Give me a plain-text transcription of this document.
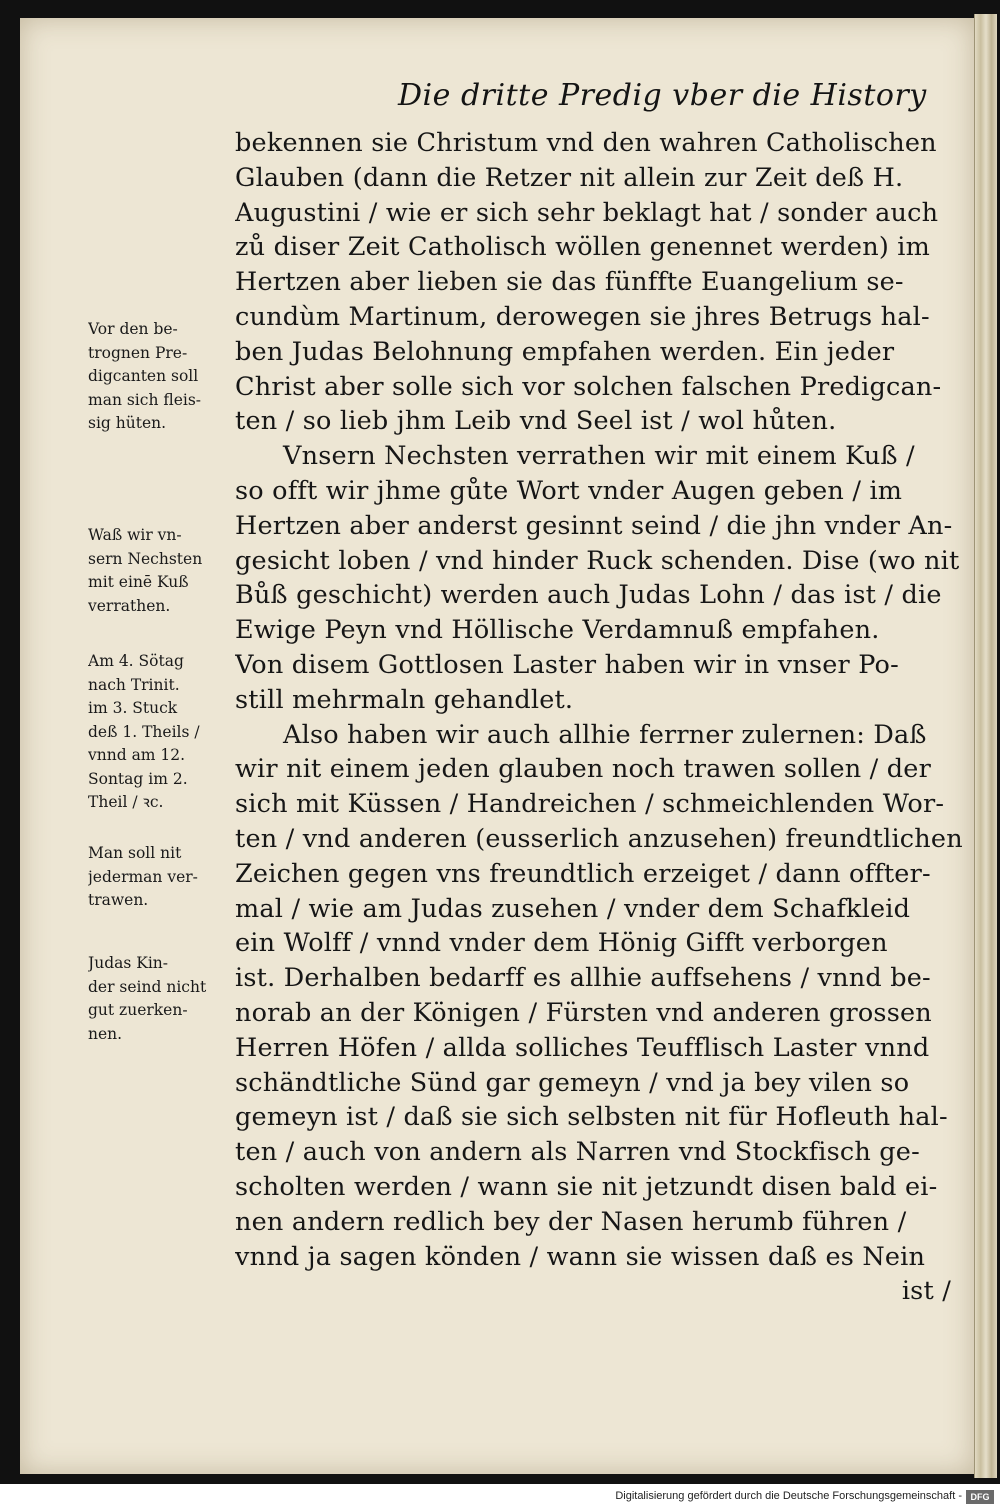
Die dritte Predig vber die History
Vor den be-
trognen Pre-
digcanten soll
man sich fleis-
sig hüten.
Waß wir vn-
sern Nechsten
mit einē Kuß
verrathen.
Am 4. Sötag
nach Trinit.
im 3. Stuck
deß 1. Theils /
vnnd am 12.
Sontag im 2.
Theil / ꝛc.
Man soll nit
jederman ver-
trawen.
Judas Kin-
der seind nicht
gut zuerken-
nen.
bekennen sie Christum vnd den wahren Catholischen
Glauben (dann die Retzer nit allein zur Zeit deß H.
Augustini / wie er sich sehr beklagt hat / sonder auch
zů diser Zeit Catholisch wöllen genennet werden) im
Hertzen aber lieben sie das fünffte Euangelium se-
cundùm Martinum, derowegen sie jhres Betrugs hal-
ben Judas Belohnung empfahen werden. Ein jeder
Christ aber solle sich vor solchen falschen Predigcan-
ten / so lieb jhm Leib vnd Seel ist / wol hůten.
Vnsern Nechsten verrathen wir mit einem Kuß /
so offt wir jhme gůte Wort vnder Augen geben / im
Hertzen aber anderst gesinnt seind / die jhn vnder An-
gesicht loben / vnd hinder Ruck schenden. Dise (wo nit
Bůß geschicht) werden auch Judas Lohn / das ist / die
Ewige Peyn vnd Höllische Verdamnuß empfahen.
Von disem Gottlosen Laster haben wir in vnser Po-
still mehrmaln gehandlet.
Also haben wir auch allhie ferrner zulernen: Daß
wir nit einem jeden glauben noch trawen sollen / der
sich mit Küssen / Handreichen / schmeichlenden Wor-
ten / vnd anderen (eusserlich anzusehen) freundtlichen
Zeichen gegen vns freundtlich erzeiget / dann offter-
mal / wie am Judas zusehen / vnder dem Schafkleid
ein Wolff / vnnd vnder dem Hönig Gifft verborgen
ist. Derhalben bedarff es allhie auffsehens / vnnd be-
norab an der Königen / Fürsten vnd anderen grossen
Herren Höfen / allda solliches Teufflisch Laster vnnd
schändtliche Sünd gar gemeyn / vnd ja bey vilen so
gemeyn ist / daß sie sich selbsten nit für Hofleuth hal-
ten / auch von andern als Narren vnd Stockfisch ge-
scholten werden / wann sie nit jetzundt disen bald ei-
nen andern redlich bey der Nasen herumb führen /
vnnd ja sagen könden / wann sie wissen daß es Nein
ist /
Digitalisierung gefördert durch die Deutsche Forschungsgemeinschaft - DFG
